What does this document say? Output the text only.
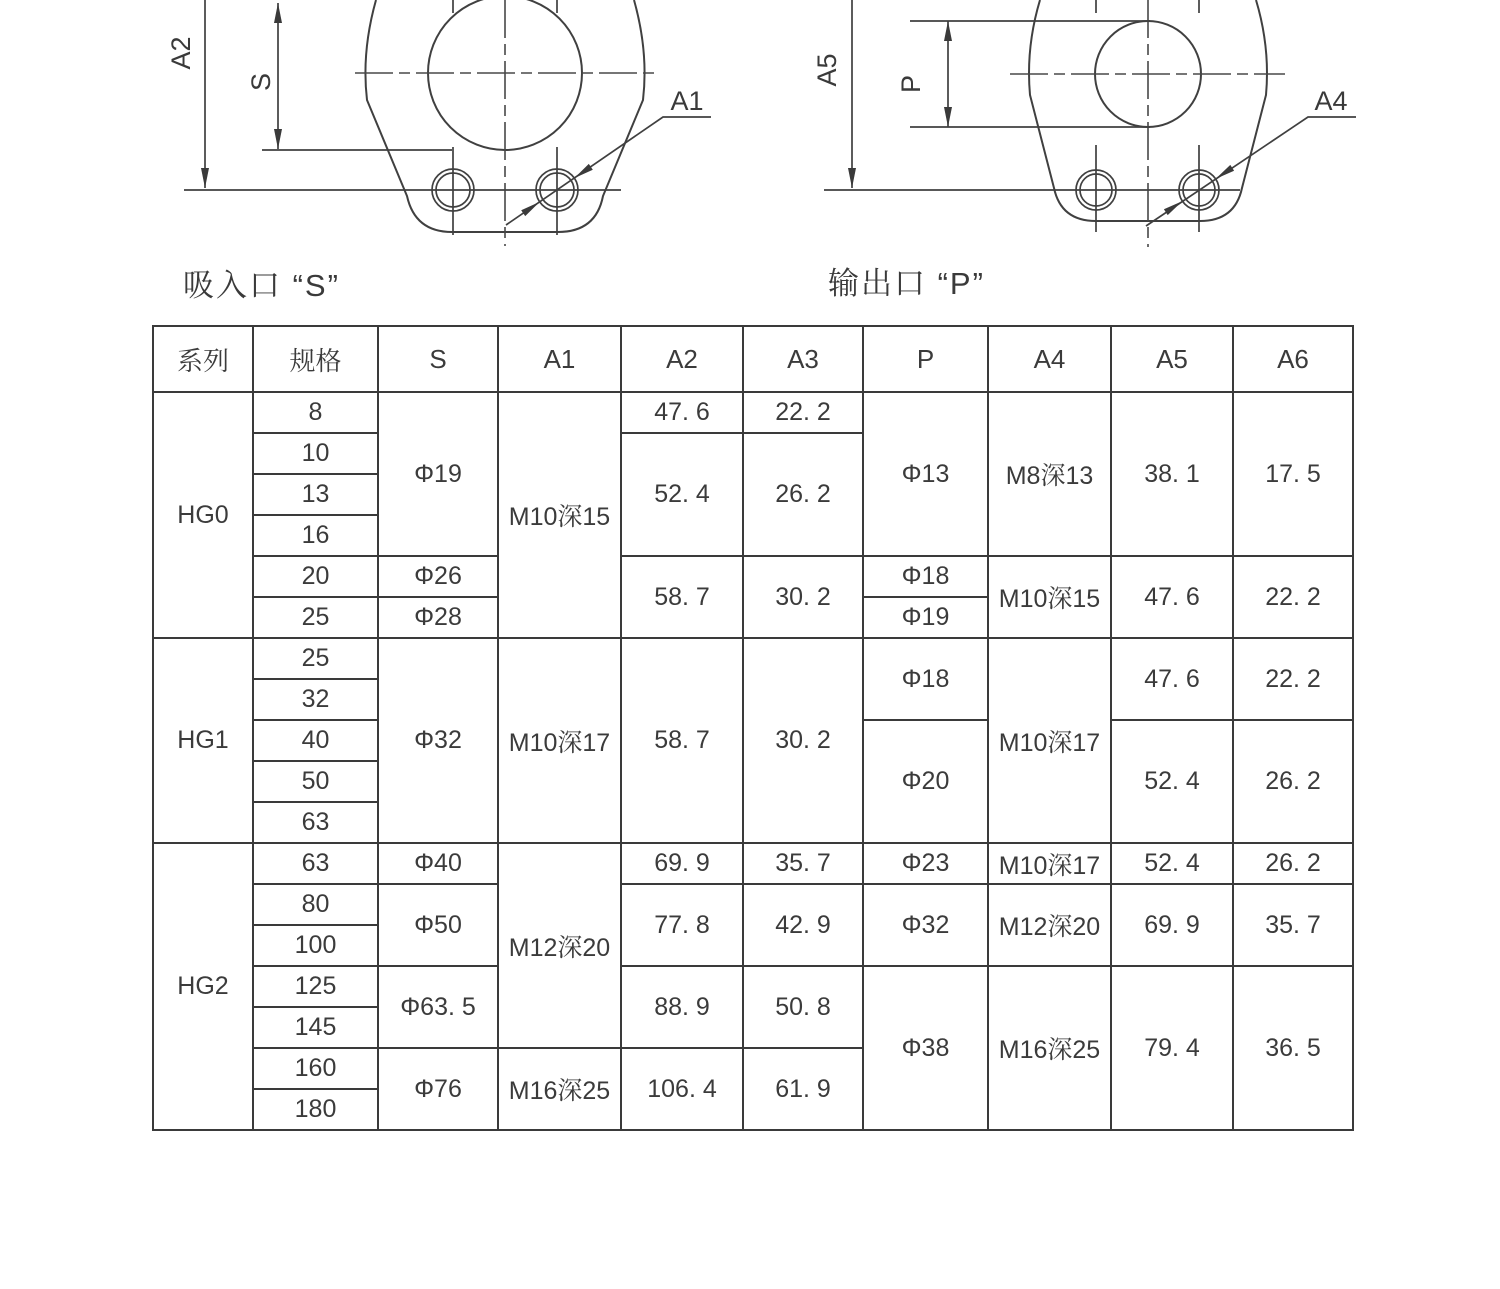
A2
S
A1
A5 P
A4
吸入口 “S”	输出口 “P”
系列	规格	S	A1	A2	A3	P	A4	A5	A6
HG0	8	Φ19	M10深15	47. 6	22. 2	Φ13	M8深13	38. 1	17. 5
	10			52. 4	26. 2				
	13								
	16								
	20	Φ26		58. 7	30. 2	Φ18	M10深15	47. 6	22. 2
	25	Φ28				Φ19			
HG1	25	Φ32	M10深17	58. 7	30. 2	Φ18	M10深17	47. 6	22. 2
	32								
	40					Φ20		52. 4	26. 2
	50								
	63								
HG2	63	Φ40	M12深20	69. 9	35. 7	Φ23	M10深17	52. 4	26. 2
	80	Φ50		77. 8	42. 9	Φ32	M12深20	69. 9	35. 7
	100								
	125	Φ63. 5		88. 9	50. 8	Φ38	M16深25	79. 4	36. 5
	145								
	160	Φ76	M16深25	106. 4	61. 9				
	180								
